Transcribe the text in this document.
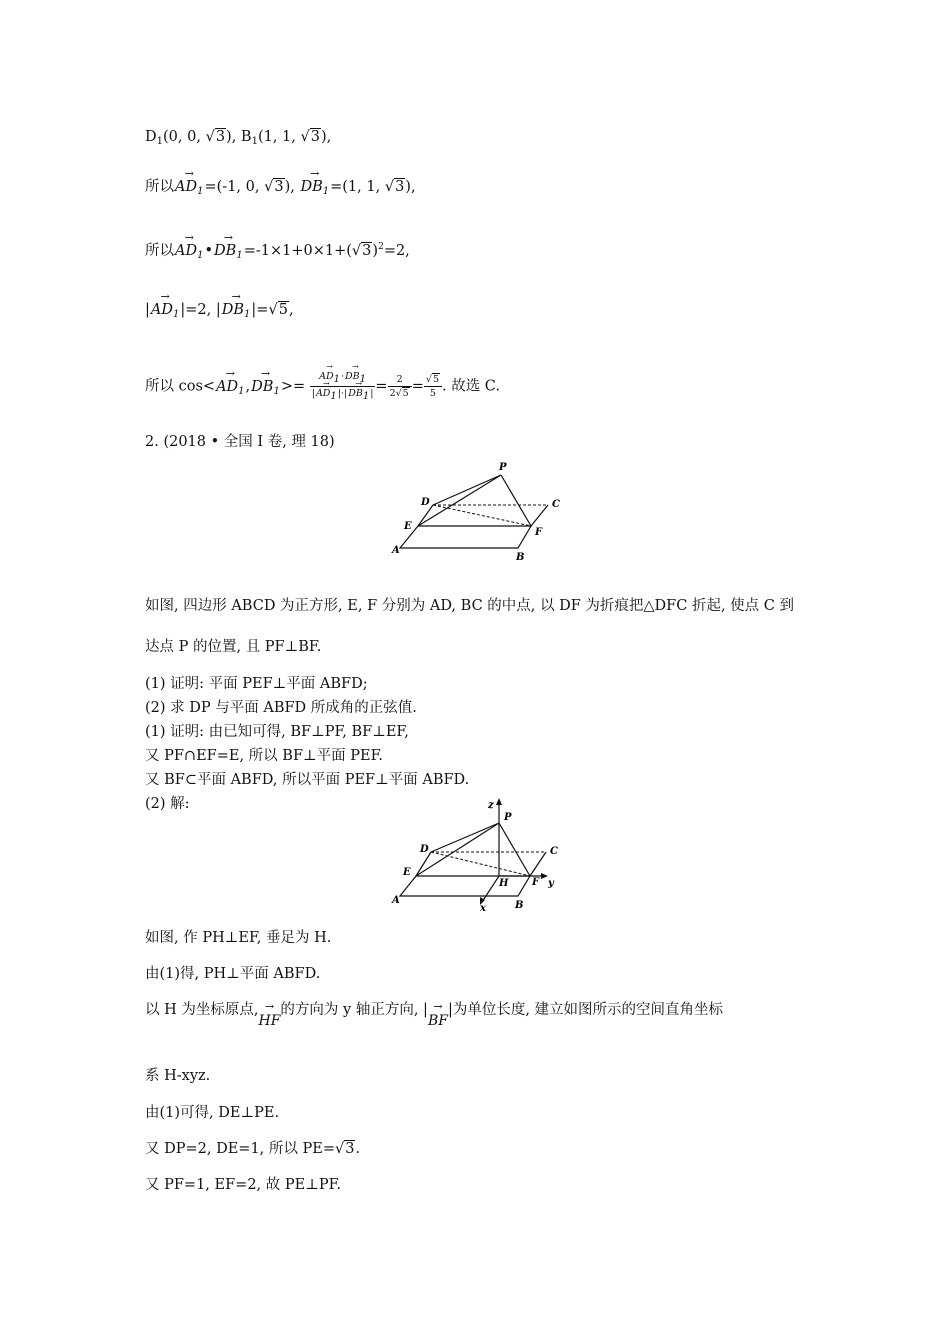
$D_1(0$, 0, √3), $B_1(1$, 1, √3),
所以→ $AD_1=(-1$, 0, √3), → $DB_1=(1$, 1, √3),
所以→ $AD_1•\to DB_1=-1\times 1+0\times 1+(√3)^2=2$,
|→ $AD_1|=2$, |→ $DB_1|=√5$,
所以 $\cos<\to AD_1,\to DB_1>=$
→ $\frac{AD1\cdot\to DB1}{|\to AD1|\cdot|\to DB1|} = \frac{2}{2√5} = \frac{√5}{5}$ . 故选 C.
2. (2018 • 全国 I 卷, 理 18)
P
D	C
E
F
A
B
如图, 四边形 ABCD 为正方形, E, F 分别为 AD, BC 的中点, 以 DF 为折痕把△DFC 折起, 使点 C 到
达点 P 的位置, 且 PF⊥BF.
(1) 证明: 平面 PEF⊥平面 ABFD;
(2) 求 DP 与平面 ABFD 所成角的正弦值.
(1) 证明: 由已知可得, BF⊥PF, BF⊥EF,
又 PF∩EF=E, 所以 BF⊥平面 PEF.
又 BF⊂平面 ABFD, 所以平面 PEF⊥平面 ABFD.
(2) 解:	z
P
D	C
E
H F y
A
x	B
如图, 作 PH⊥EF, 垂足为 H.
由(1)得, PH⊥平面 ABFD.
以 H 为坐标原点, →
HF
的方向为 y 轴正方向, | →
BF
|为单位长度, 建立如图所示的空间直角坐标
系 H-xyz.
由(1)可得, DE⊥PE.
又 DP=2, DE=1, 所以 PE=√3.
又 PF=1, EF=2, 故 PE⊥PF.
